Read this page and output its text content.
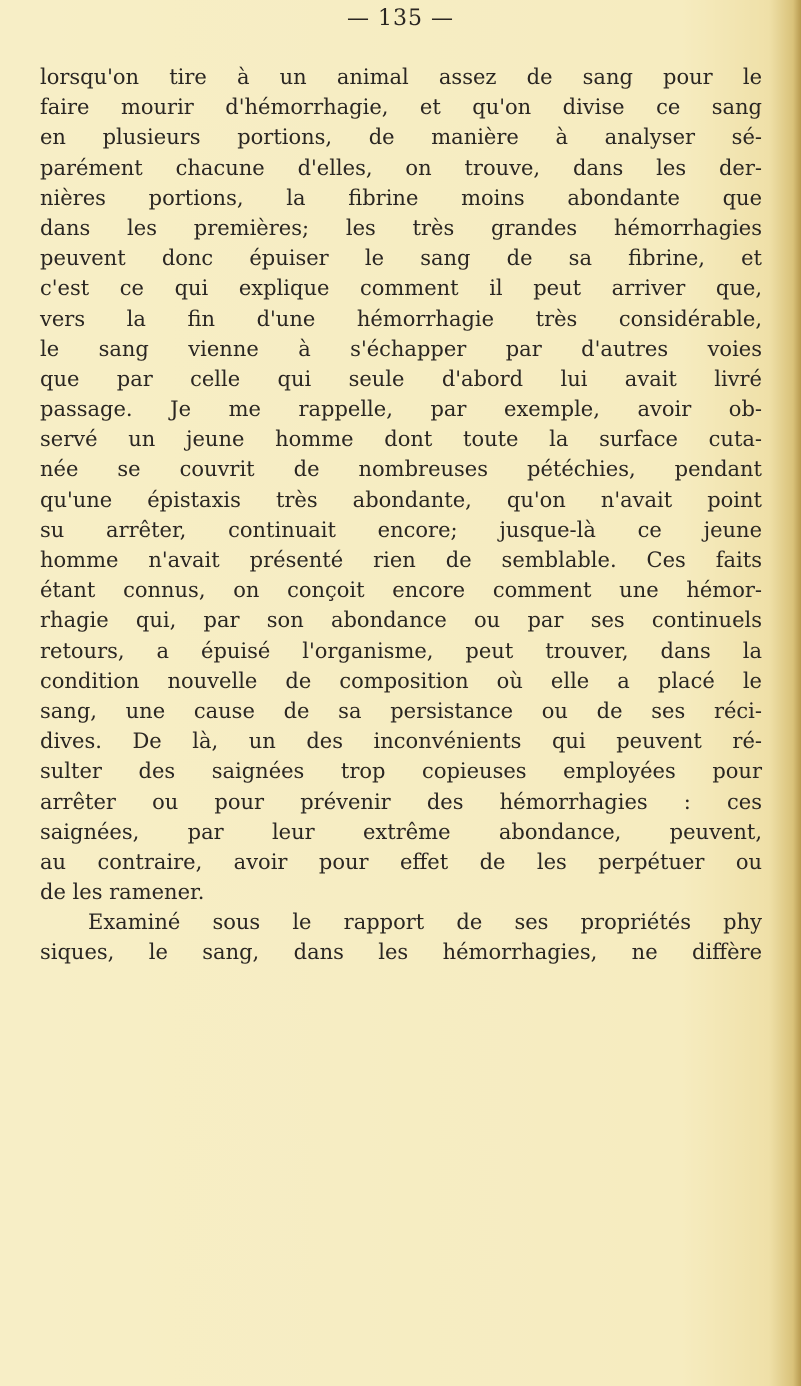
— 135 —
lorsqu'on tire à un animal assez de sang pour le
faire mourir d'hémorrhagie, et qu'on divise ce sang
en plusieurs portions, de manière à analyser sé-
parément chacune d'elles, on trouve, dans les der-
nières portions, la fibrine moins abondante que
dans les premières; les très grandes hémorrhagies
peuvent donc épuiser le sang de sa fibrine, et
c'est ce qui explique comment il peut arriver que,
vers la fin d'une hémorrhagie très considérable,
le sang vienne à s'échapper par d'autres voies
que par celle qui seule d'abord lui avait livré
passage. Je me rappelle, par exemple, avoir ob-
servé un jeune homme dont toute la surface cuta-
née se couvrit de nombreuses pétéchies, pendant
qu'une épistaxis très abondante, qu'on n'avait point
su arrêter, continuait encore; jusque-là ce jeune
homme n'avait présenté rien de semblable. Ces faits
étant connus, on conçoit encore comment une hémor-
rhagie qui, par son abondance ou par ses continuels
retours, a épuisé l'organisme, peut trouver, dans la
condition nouvelle de composition où elle a placé le
sang, une cause de sa persistance ou de ses réci-
dives. De là, un des inconvénients qui peuvent ré-
sulter des saignées trop copieuses employées pour
arrêter ou pour prévenir des hémorrhagies : ces
saignées, par leur extrême abondance, peuvent,
au contraire, avoir pour effet de les perpétuer ou
de les ramener.
Examiné sous le rapport de ses propriétés phy
siques, le sang, dans les hémorrhagies, ne diffère
